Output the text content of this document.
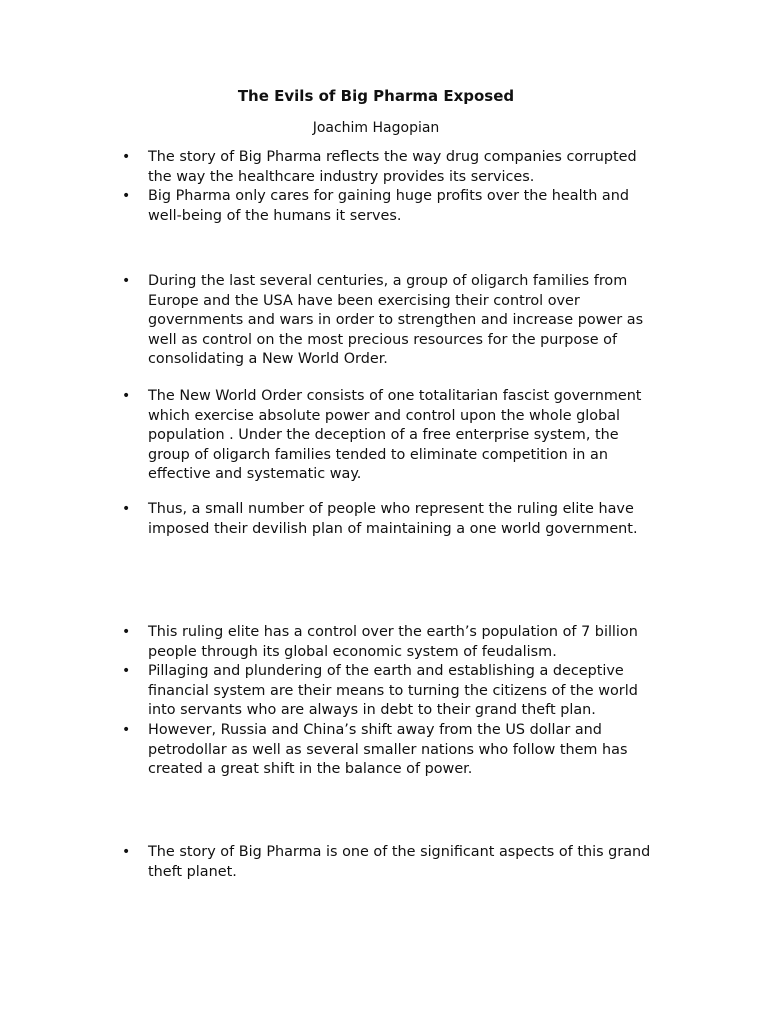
The Evils of Big Pharma Exposed
Joachim Hagopian
• The story of Big Pharma reflects the way drug companies corrupted the way the healthcare industry provides its services.
• Big Pharma only cares for gaining huge profits over the health and well-being of the humans it serves.
• During the last several centuries, a group of oligarch families from Europe and the USA have been exercising their control over governments and wars in order to strengthen and increase power as well as control on the most precious resources for the purpose of consolidating a New World Order.
• The New World Order consists of one totalitarian fascist government which exercise absolute power and control upon the whole global population . Under the deception of a free enterprise system, the group of oligarch families tended to eliminate competition in an effective and systematic way.
• Thus, a small number of people who represent the ruling elite have imposed their devilish plan of maintaining a one world government.
• This ruling elite has a control over the earth’s population of 7 billion people through its global economic system of feudalism.
• Pillaging and plundering of the earth and establishing a deceptive financial system are their means to turning the citizens of the world into servants who are always in debt to their grand theft plan.
• However, Russia and China’s shift away from the US dollar and petrodollar as well as several smaller nations who follow them has created a great shift in the balance of power.
• The story of Big Pharma is one of the significant aspects of this grand theft planet.
